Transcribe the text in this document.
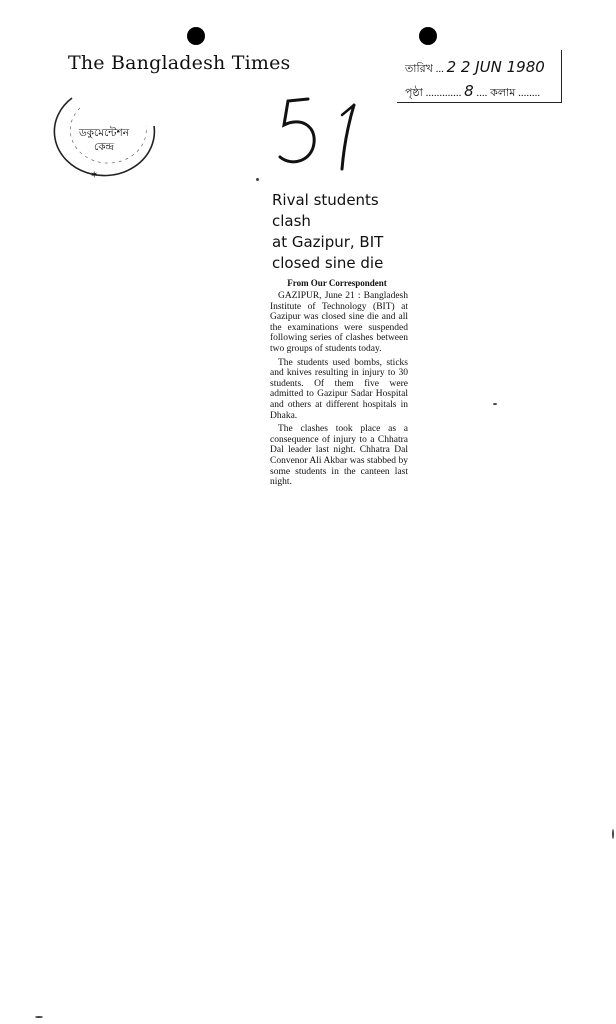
The Bangladesh Times	তারিখ ... 2 2 JUN 1980
পৃষ্ঠা ............. 8 .... কলাম ........
ডকুমেন্টেশন
কেন্দ্র
✶
Rival students clash
at Gazipur, BIT
closed sine die
From Our Correspondent

GAZIPUR, June 21 : Bangladesh Institute of Technology (BIT) at Gazipur was closed sine die and all the examinations were suspended following series of clashes between two groups of students today.

The students used bombs, sticks and knives resulting in injury to 30 students. Of them five were admitted to Gazipur Sadar Hospital and others at different hospitals in Dhaka.

The clashes took place as a consequence of injury to a Chhatra Dal leader last night. Chhatra Dal Convenor Ali Akbar was stabbed by some students in the canteen last night.
